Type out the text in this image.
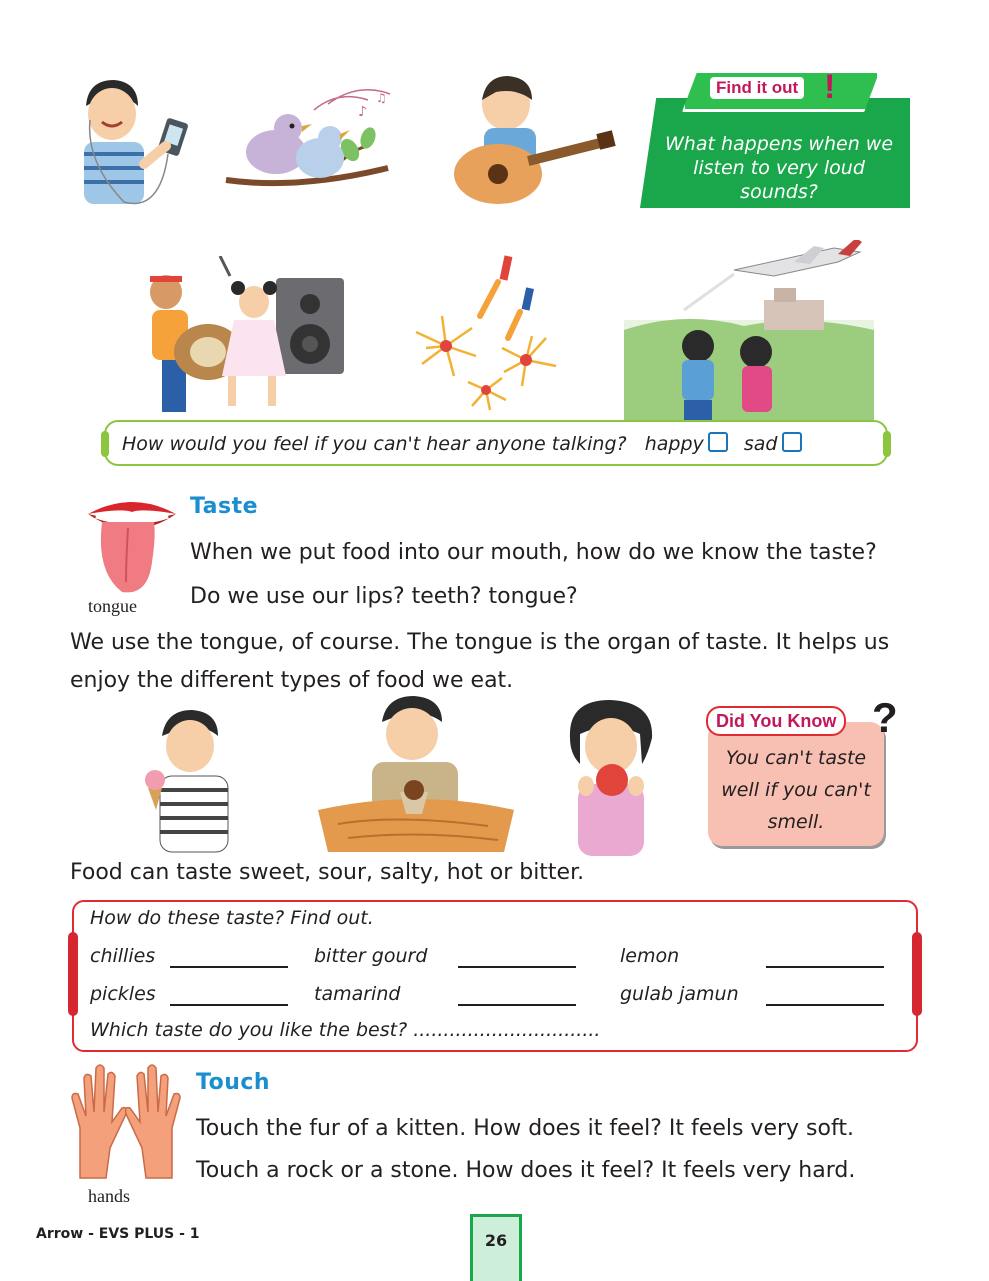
♪
♫
Find it out !
What happens when we listen to very loud sounds?
How would you feel if you can't hear anyone talking? happy sad
tongue
Taste
When we put food into our mouth, how do we know the taste?
Do we use our lips? teeth? tongue?
We use the tongue, of course. The tongue is the organ of taste. It helps us
enjoy the different types of food we eat.
Did You Know ?
You can't taste well if you can't smell.
Food can taste sweet, sour, salty, hot or bitter.
How do these taste? Find out.
chillies	bitter gourd	lemon
pickles	tamarind	gulab jamun
Which taste do you like the best? ...............................
hands
Touch
Touch the fur of a kitten. How does it feel? It feels very soft.
Touch a rock or a stone. How does it feel? It feels very hard.
Arrow - EVS PLUS - 1	26
